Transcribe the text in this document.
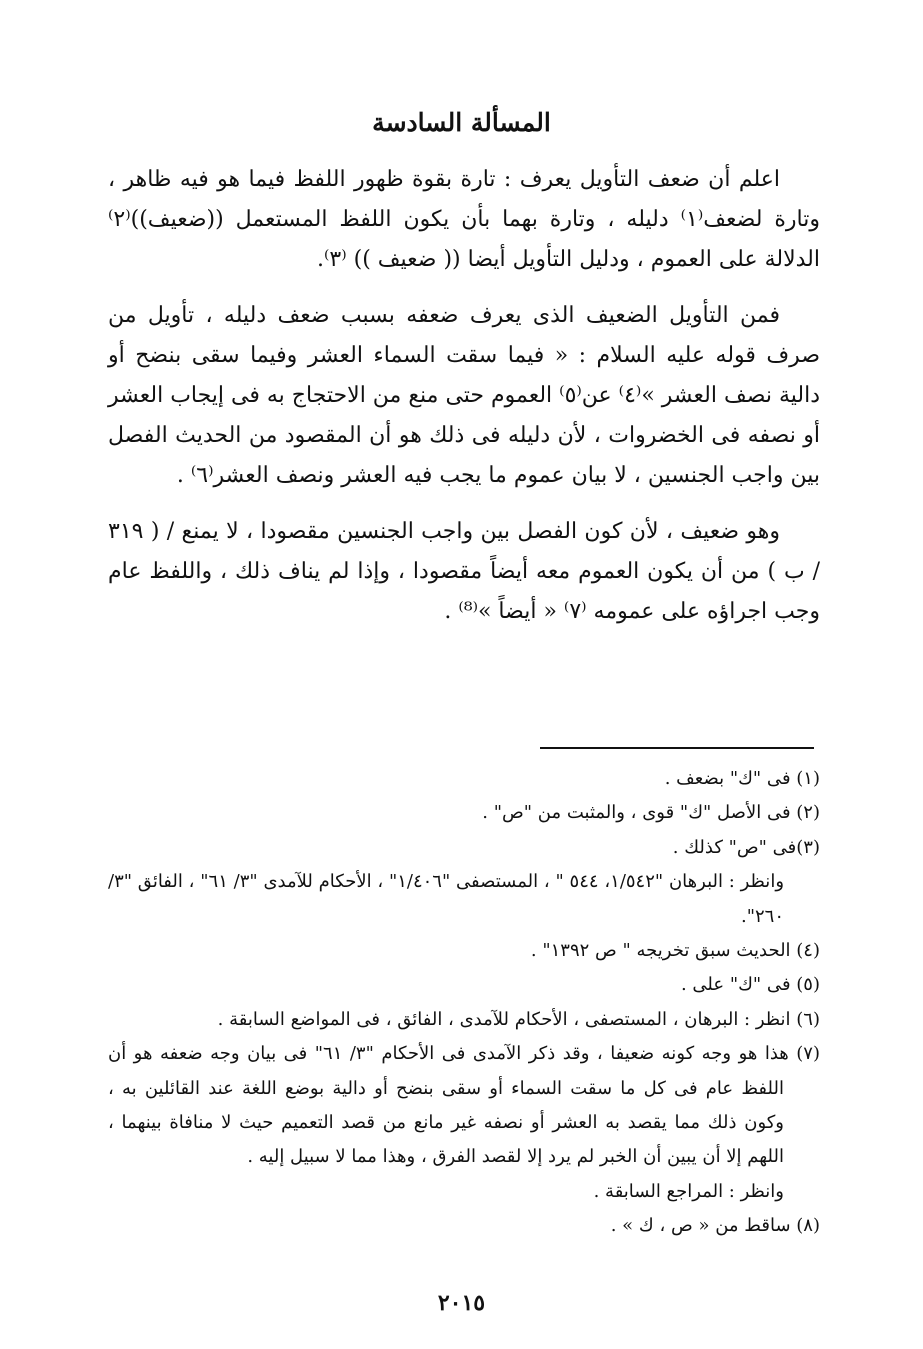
المسألة السادسة

اعلم أن ضعف التأويل يعرف : تارة بقوة ظهور اللفظ فيما هو فيه ظاهر ، وتارة لضعف⁽١⁾ دليله ، وتارة بهما بأن يكون اللفظ المستعمل ((ضعيف))⁽٢⁾ الدلالة على العموم ، ودليل التأويل أيضا (( ضعيف )) ⁽٣⁾.

فمن التأويل الضعيف الذى يعرف ضعفه بسبب ضعف دليله ، تأويل من صرف قوله عليه السلام : « فيما سقت السماء العشر وفيما سقى بنضح أو دالية نصف العشر »⁽٤⁾ عن⁽٥⁾ العموم حتى منع من الاحتجاج به فى إيجاب العشر أو نصفه فى الخضروات ، لأن دليله فى ذلك هو أن المقصود من الحديث الفصل بين واجب الجنسين ، لا بيان عموم ما يجب فيه العشر ونصف العشر⁽٦⁾ .

وهو ضعيف ، لأن كون الفصل بين واجب الجنسين مقصودا ، لا يمنع / ( ٣١٩ / ب ) من أن يكون العموم معه أيضاً مقصودا ، وإذا لم يناف ذلك ، واللفظ عام وجب اجراؤه على عمومه ⁽٧⁾ « أيضاً »⁽⁸⁾ .

(١) فى "ك" بضعف .

(٢) فى الأصل "ك" قوى ، والمثبت من "ص" .

(٣)فى "ص" كذلك .

وانظر : البرهان "١/٥٤٢، ٥٤٤ " ، المستصفى "١/٤٠٦" ، الأحكام للآمدى "٣/ ٦١" ، الفائق "٣/ ٢٦٠".

(٤) الحديث سبق تخريجه " ص ١٣٩٢" .

(٥) فى "ك" على .

(٦) انظر : البرهان ، المستصفى ، الأحكام للآمدى ، الفائق ، فى المواضع السابقة .

(٧) هذا هو وجه كونه ضعيفا ، وقد ذكر الآمدى فى الأحكام "٣/ ٦١" فى بيان وجه ضعفه هو أن اللفظ عام فى كل ما سقت السماء أو سقى بنضح أو دالية بوضع اللغة عند القائلين به ، وكون ذلك مما يقصد به العشر أو نصفه غير مانع من قصد التعميم حيث لا منافاة بينهما ، اللهم إلا أن يبين أن الخبر لم يرد إلا لقصد الفرق ، وهذا مما لا سبيل إليه .

وانظر : المراجع السابقة .

(٨) ساقط من « ص ، ك » .

٢٠١٥
